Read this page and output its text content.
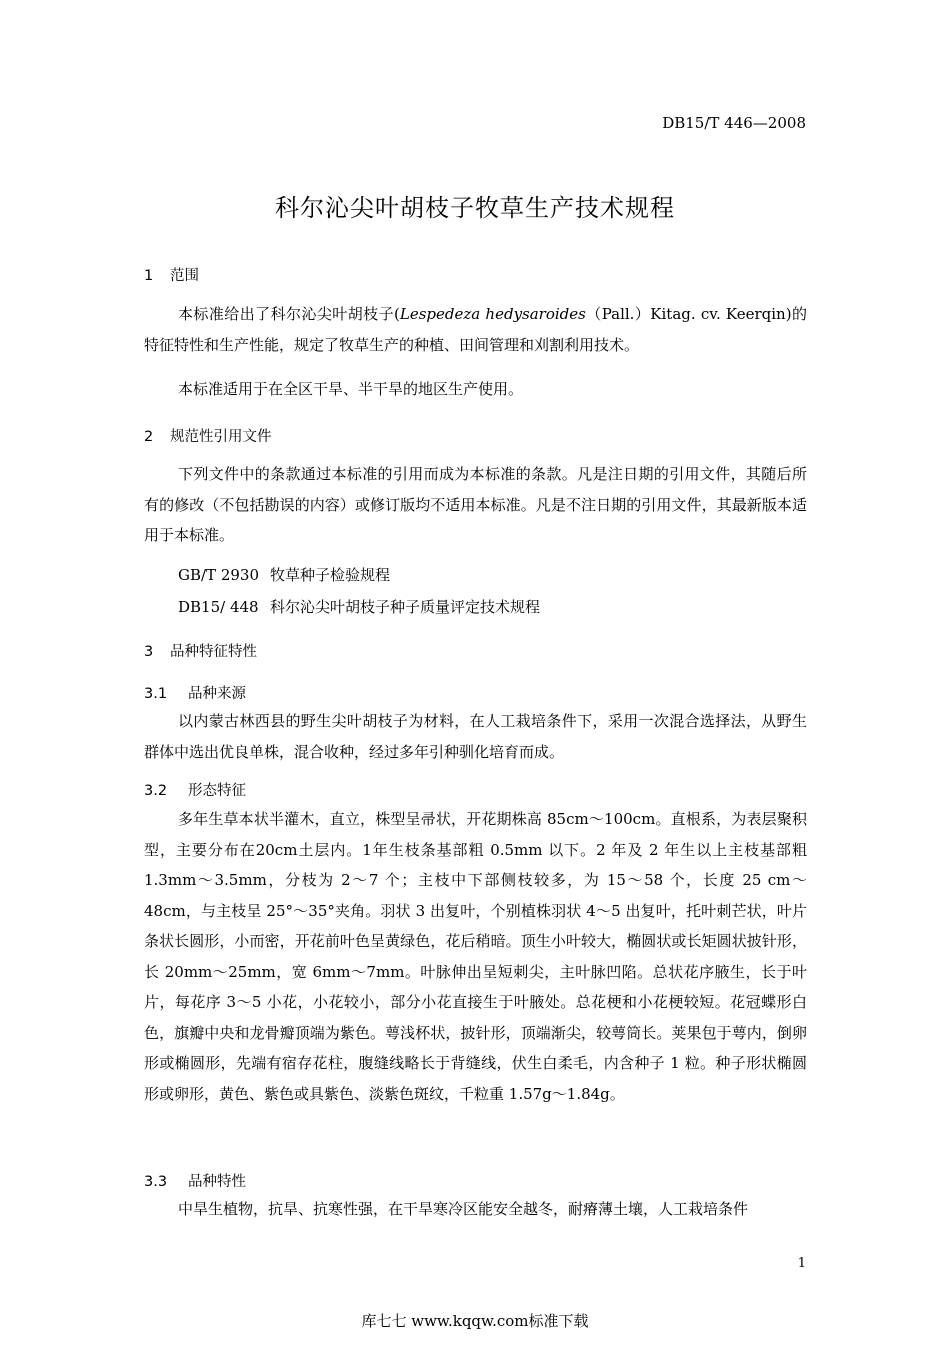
DB15/T 446—2008
科尔沁尖叶胡枝子牧草生产技术规程
1 范围
本标准给出了科尔沁尖叶胡枝子(Lespedeza hedysaroides（Pall.）Kitag. cv. Keerqin)的特征特性和生产性能，规定了牧草生产的种植、田间管理和刈割利用技术。
本标准适用于在全区干旱、半干旱的地区生产使用。
2 规范性引用文件
下列文件中的条款通过本标准的引用而成为本标准的条款。凡是注日期的引用文件，其随后所有的修改（不包括勘误的内容）或修订版均不适用本标准。凡是不注日期的引用文件，其最新版本适用于本标准。
GB/T 2930 牧草种子检验规程
DB15/ 448 科尔沁尖叶胡枝子种子质量评定技术规程
3 品种特征特性
3.1 品种来源
以内蒙古林西县的野生尖叶胡枝子为材料，在人工栽培条件下，采用一次混合选择法，从野生群体中选出优良单株，混合收种，经过多年引种驯化培育而成。
3.2 形态特征
多年生草本状半灌木，直立，株型呈帚状，开花期株高 85cm～100cm。直根系，为表层聚积型，主要分布在20cm土层内。1年生枝条基部粗 0.5mm 以下。2 年及 2 年生以上主枝基部粗 1.3mm～3.5mm，分枝为 2～7 个；主枝中下部侧枝较多，为 15～58 个，长度 25 cm～48cm，与主枝呈 25°～35°夹角。羽状 3 出复叶，个别植株羽状 4～5 出复叶，托叶刺芒状，叶片条状长圆形，小而密，开花前叶色呈黄绿色，花后稍暗。顶生小叶较大，椭圆状或长矩圆状披针形，长 20mm～25mm，宽 6mm～7mm。叶脉伸出呈短刺尖，主叶脉凹陷。总状花序腋生，长于叶片，每花序 3～5 小花，小花较小，部分小花直接生于叶腋处。总花梗和小花梗较短。花冠蝶形白色，旗瓣中央和龙骨瓣顶端为紫色。萼浅杯状，披针形，顶端渐尖，较萼筒长。荚果包于萼内，倒卵形或椭圆形，先端有宿存花柱，腹缝线略长于背缝线，伏生白柔毛，内含种子 1 粒。种子形状椭圆形或卵形，黄色、紫色或具紫色、淡紫色斑纹，千粒重 1.57g～1.84g。
3.3 品种特性
中旱生植物，抗旱、抗寒性强，在干旱寒冷区能安全越冬，耐瘠薄土壤，人工栽培条件
1
库七七 www.kqqw.com标准下载
